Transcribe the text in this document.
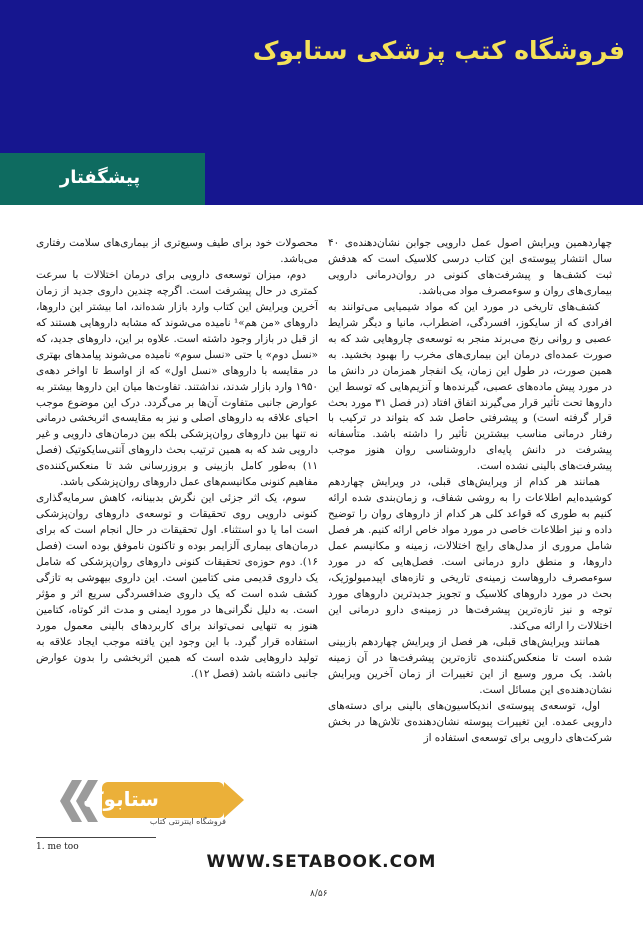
فروشگاه کتب پزشکی ستابوک
پیشگفتار

چهاردهمین ویرایش اصول عمل دارویی جوابن نشان‌دهنده‌ی ۴۰ سال انتشار پیوسته‌ی این کتاب درسی کلاسیک است که هدفش ثبت کشف‌ها و پیشرفت‌های کنونی در روان‌درمانی دارویی بیماری‌های روان و سوءمصرف مواد می‌باشد.

کشف‌های تاریخی در مورد این که مواد شیمیایی می‌توانند به افرادی که از سایکوز، افسردگی، اضطراب، مانیا و دیگر شرایط عصبی و روانی رنج می‌برند منجر به توسعه‌ی چاروهایی شد که به صورت عمده‌ای درمان این بیماری‌های مخرب را بهبود بخشید. به همین صورت، در طول این زمان، یک انفجار همزمان در دانش ما در مورد پیش ماده‌های عصبی، گیرنده‌ها و آنزیم‌هایی که توسط این داروها تحت تأثیر قرار می‌گیرند اتفاق افتاد (در فصل ۳۱ مورد بحث قرار گرفته است) و پیشرفتی حاصل شد که بتواند در ترکیب با رفتار درمانی مناسب بیشترین تأثیر را داشته باشد. متأسفانه پیشرفت در دانش پایه‌ای داروشناسی روان هنوز موجب پیشرفت‌های بالینی نشده است.

همانند هر کدام از ویرایش‌های قبلی، در ویرایش چهاردهم کوشیده‌ایم اطلاعات را به روشی شفاف، و زمان‌بندی شده ارائه کنیم به طوری که قواعد کلی هر کدام از داروهای روان را توضیح داده و نیز اطلاعات خاصی در مورد مواد خاص ارائه کنیم. هر فصل شامل مروری از مدل‌های رایج اختلالات، زمینه و مکانیسم عمل داروها، و منطق دارو درمانی است. فصل‌هایی که در مورد سوءمصرف داروهاست زمینه‌ی تاریخی و تازه‌های اپیدمیولوژیک، بحث در مورد داروهای کلاسیک و تجویز جدیدترین داروهای مورد توجه و نیز تازه‌ترین پیشرفت‌ها در زمینه‌ی دارو درمانی این اختلالات را ارائه می‌کند.

همانند ویرایش‌های قبلی، هر فصل از ویرایش چهاردهم بازبینی شده است تا منعکس‌کننده‌ی تازه‌ترین پیشرفت‌ها در آن زمینه باشد. یک مرور وسیع از این تغییرات از زمان آخرین ویرایش نشان‌دهنده‌ی این مسائل است.

اول، توسعه‌ی پیوسته‌ی اندیکاسیون‌های بالینی برای دسته‌های دارویی عمده. این تغییرات پیوسته نشان‌دهنده‌ی تلاش‌ها در بخش شرکت‌های دارویی برای توسعه‌ی استفاده از

محصولات خود برای طیف وسیع‌تری از بیماری‌های سلامت رفتاری می‌باشد.

دوم، میزان توسعه‌ی دارویی برای درمان اختلالات با سرعت کمتری در حال پیشرفت است. اگرچه چندین داروی جدید از زمان آخرین ویرایش این کتاب وارد بازار شده‌اند، اما بیشتر این داروها، داروهای «من هم»¹ نامیده می‌شوند که مشابه داروهایی هستند که از قبل در بازار وجود داشته است. علاوه بر این، داروهای جدید، که «نسل دوم» یا حتی «نسل سوم» نامیده می‌شوند پیامدهای بهتری در مقایسه با داروهای «نسل اول» که از اواسط تا اواخر دهه‌ی ۱۹۵۰ وارد بازار شدند، نداشتند. تفاوت‌ها میان این داروها بیشتر به عوارض جانبی متفاوت آن‌ها بر می‌گردد. درک این موضوع موجب احیای علاقه به داروهای اصلی و نیز به مقایسه‌ی اثربخشی درمانی نه تنها بین داروهای روان‌پزشکی بلکه بین درمان‌های دارویی و غیر دارویی شد که به همین ترتیب بحث داروهای آنتی‌سایکوتیک (فصل ۱۱) به‌طور کامل بازبینی و بروزرسانی شد تا منعکس‌کننده‌ی مفاهیم کنونی مکانیسم‌های عمل داروهای روان‌پزشکی باشد.

سوم، یک اثر جزئی این نگرش بدبینانه، کاهش سرمایه‌گذاری کنونی دارویی روی تحقیقات و توسعه‌ی داروهای روان‌پزشکی است اما یا دو استثناء. اول تحقیقات در حال انجام است که برای درمان‌های بیماری آلزایمر بوده و تاکنون ناموفق بوده است (فصل ۱۶). دوم حوزه‌ی تحقیقات کنونی داروهای روان‌پزشکی که شامل یک داروی قدیمی منی کتامین است. این داروی بیهوشی به تازگی کشف شده است که یک داروی ضدافسردگی سریع اثر و مؤثر است. به دلیل نگرانی‌ها در مورد ایمنی و مدت اثر کوتاه، کتامین هنوز به تنهایی نمی‌تواند برای کاربردهای بالینی معمول مورد استفاده قرار گیرد. با این وجود این یافته موجب ایجاد علاقه به تولید داروهایی شده است که همین اثربخشی را بدون عوارض جانبی داشته باشد (فصل ۱۲).

ستابوک
فروشگاه اینترنتی کتاب
1. me too
WWW.SETABOOK.COM
۸/۵۶
